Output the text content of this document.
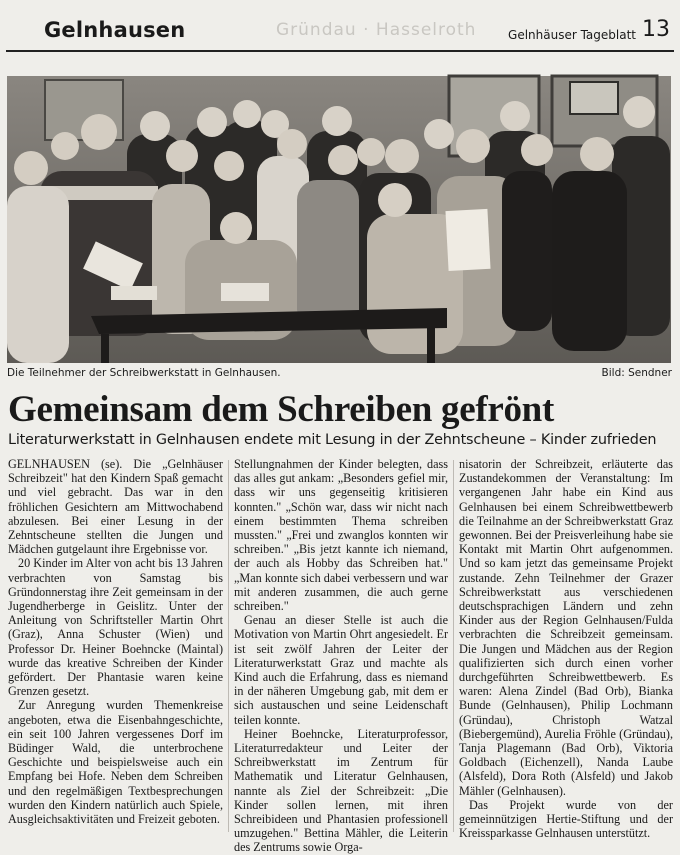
Gelnhausen	Gründau · Hasselroth	Gelnhäuser Tageblatt 13
Die Teilnehmer der Schreibwerkstatt in Gelnhausen.	Bild: Sendner
Gemeinsam dem Schreiben gefrönt
Literaturwerkstatt in Gelnhausen endete mit Lesung in der Zehntscheune – Kinder zufrieden

GELNHAUSEN (se). Die „Gelnhäuser Schreibzeit" hat den Kindern Spaß gemacht und viel gebracht. Das war in den fröhlichen Gesichtern am Mittwochabend abzulesen. Bei einer Lesung in der Zehntscheune stellten die Jungen und Mädchen gutgelaunt ihre Ergebnisse vor.

20 Kinder im Alter von acht bis 13 Jahren verbrachten von Samstag bis Gründonnerstag ihre Zeit gemeinsam in der Jugendherberge in Geislitz. Unter der Anleitung von Schriftsteller Martin Ohrt (Graz), Anna Schuster (Wien) und Professor Dr. Heiner Boehncke (Maintal) wurde das kreative Schreiben der Kinder gefördert. Der Phantasie waren keine Grenzen gesetzt.

Zur Anregung wurden Themenkreise angeboten, etwa die Eisenbahngeschichte, ein seit 100 Jahren vergessenes Dorf im Büdinger Wald, die unterbrochene Geschichte und beispielsweise auch ein Empfang bei Hofe. Neben dem Schreiben und den regelmäßigen Textbesprechungen wurden den Kindern natürlich auch Spiele, Ausgleichsaktivitäten und Freizeit geboten.

Stellungnahmen der Kinder belegten, dass das alles gut ankam: „Besonders gefiel mir, dass wir uns gegenseitig kritisieren konnten." „Schön war, dass wir nicht nach einem bestimmten Thema schreiben mussten." „Frei und zwanglos konnten wir schreiben." „Bis jetzt kannte ich niemand, der auch als Hobby das Schreiben hat." „Man konnte sich dabei verbessern und war mit anderen zusammen, die auch gerne schreiben."

Genau an dieser Stelle ist auch die Motivation von Martin Ohrt angesiedelt. Er ist seit zwölf Jahren der Leiter der Literaturwerkstatt Graz und machte als Kind auch die Erfahrung, dass es niemand in der näheren Umgebung gab, mit dem er sich austauschen und seine Leidenschaft teilen konnte.

Heiner Boehncke, Literaturprofessor, Literaturredakteur und Leiter der Schreibwerkstatt im Zentrum für Mathematik und Literatur Gelnhausen, nannte als Ziel der Schreibzeit: „Die Kinder sollen lernen, mit ihren Schreibideen und Phantasien professionell umzugehen." Bettina Mähler, die Leiterin des Zentrums sowie Orga-

nisatorin der Schreibzeit, erläuterte das Zustandekommen der Veranstaltung: Im vergangenen Jahr habe ein Kind aus Gelnhausen bei einem Schreibwettbewerb die Teilnahme an der Schreibwerkstatt Graz gewonnen. Bei der Preisverleihung habe sie Kontakt mit Martin Ohrt aufgenommen. Und so kam jetzt das gemeinsame Projekt zustande. Zehn Teilnehmer der Grazer Schreibwerkstatt aus verschiedenen deutschsprachigen Ländern und zehn Kinder aus der Region Gelnhausen/Fulda verbrachten die Schreibzeit gemeinsam. Die Jungen und Mädchen aus der Region qualifizierten sich durch einen vorher durchgeführten Schreibwettbewerb. Es waren: Alena Zindel (Bad Orb), Bianka Bunde (Gelnhausen), Philip Lochmann (Gründau), Christoph Watzal (Biebergemünd), Aurelia Fröhle (Gründau), Tanja Plagemann (Bad Orb), Viktoria Goldbach (Eichenzell), Nanda Laube (Alsfeld), Dora Roth (Alsfeld) und Jakob Mähler (Gelnhausen).

Das Projekt wurde von der gemeinnützigen Hertie-Stiftung und der Kreissparkasse Gelnhausen unterstützt.
